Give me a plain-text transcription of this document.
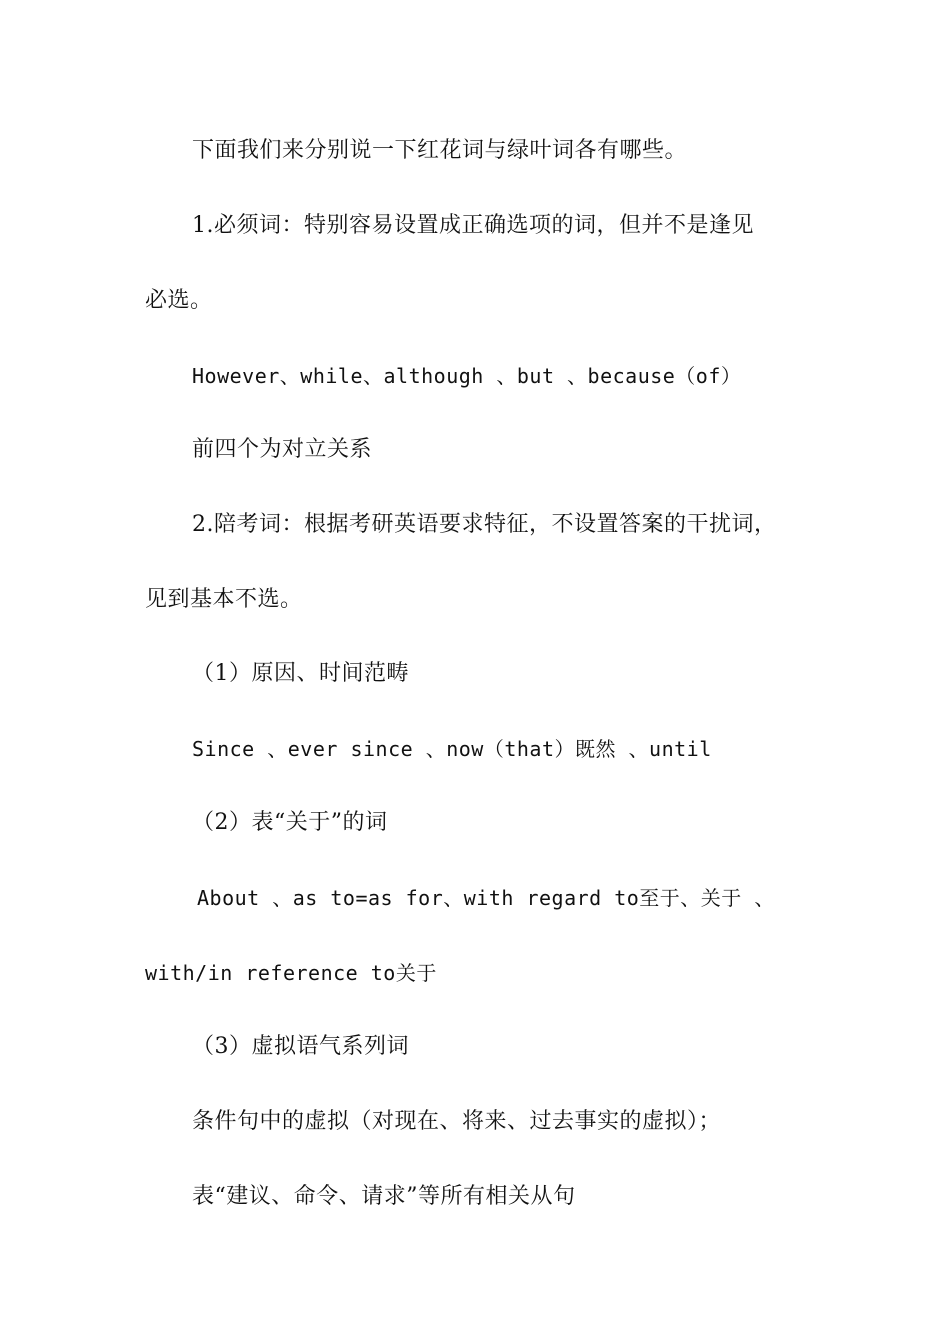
下面我们来分别说一下红花词与绿叶词各有哪些。
1.必须词：特别容易设置成正确选项的词，但并不是逢见
必选。
However、while、although 、but 、because（of）
前四个为对立关系
2.陪考词：根据考研英语要求特征，不设置答案的干扰词，
见到基本不选。
（1）原因、时间范畴
Since 、ever since 、now（that）既然 、until
（2）表“关于”的词
About 、as to=as for、with regard to至于、关于 、
with/in reference to关于
（3）虚拟语气系列词
条件句中的虚拟（对现在、将来、过去事实的虚拟）；
表“建议、命令、请求”等所有相关从句
